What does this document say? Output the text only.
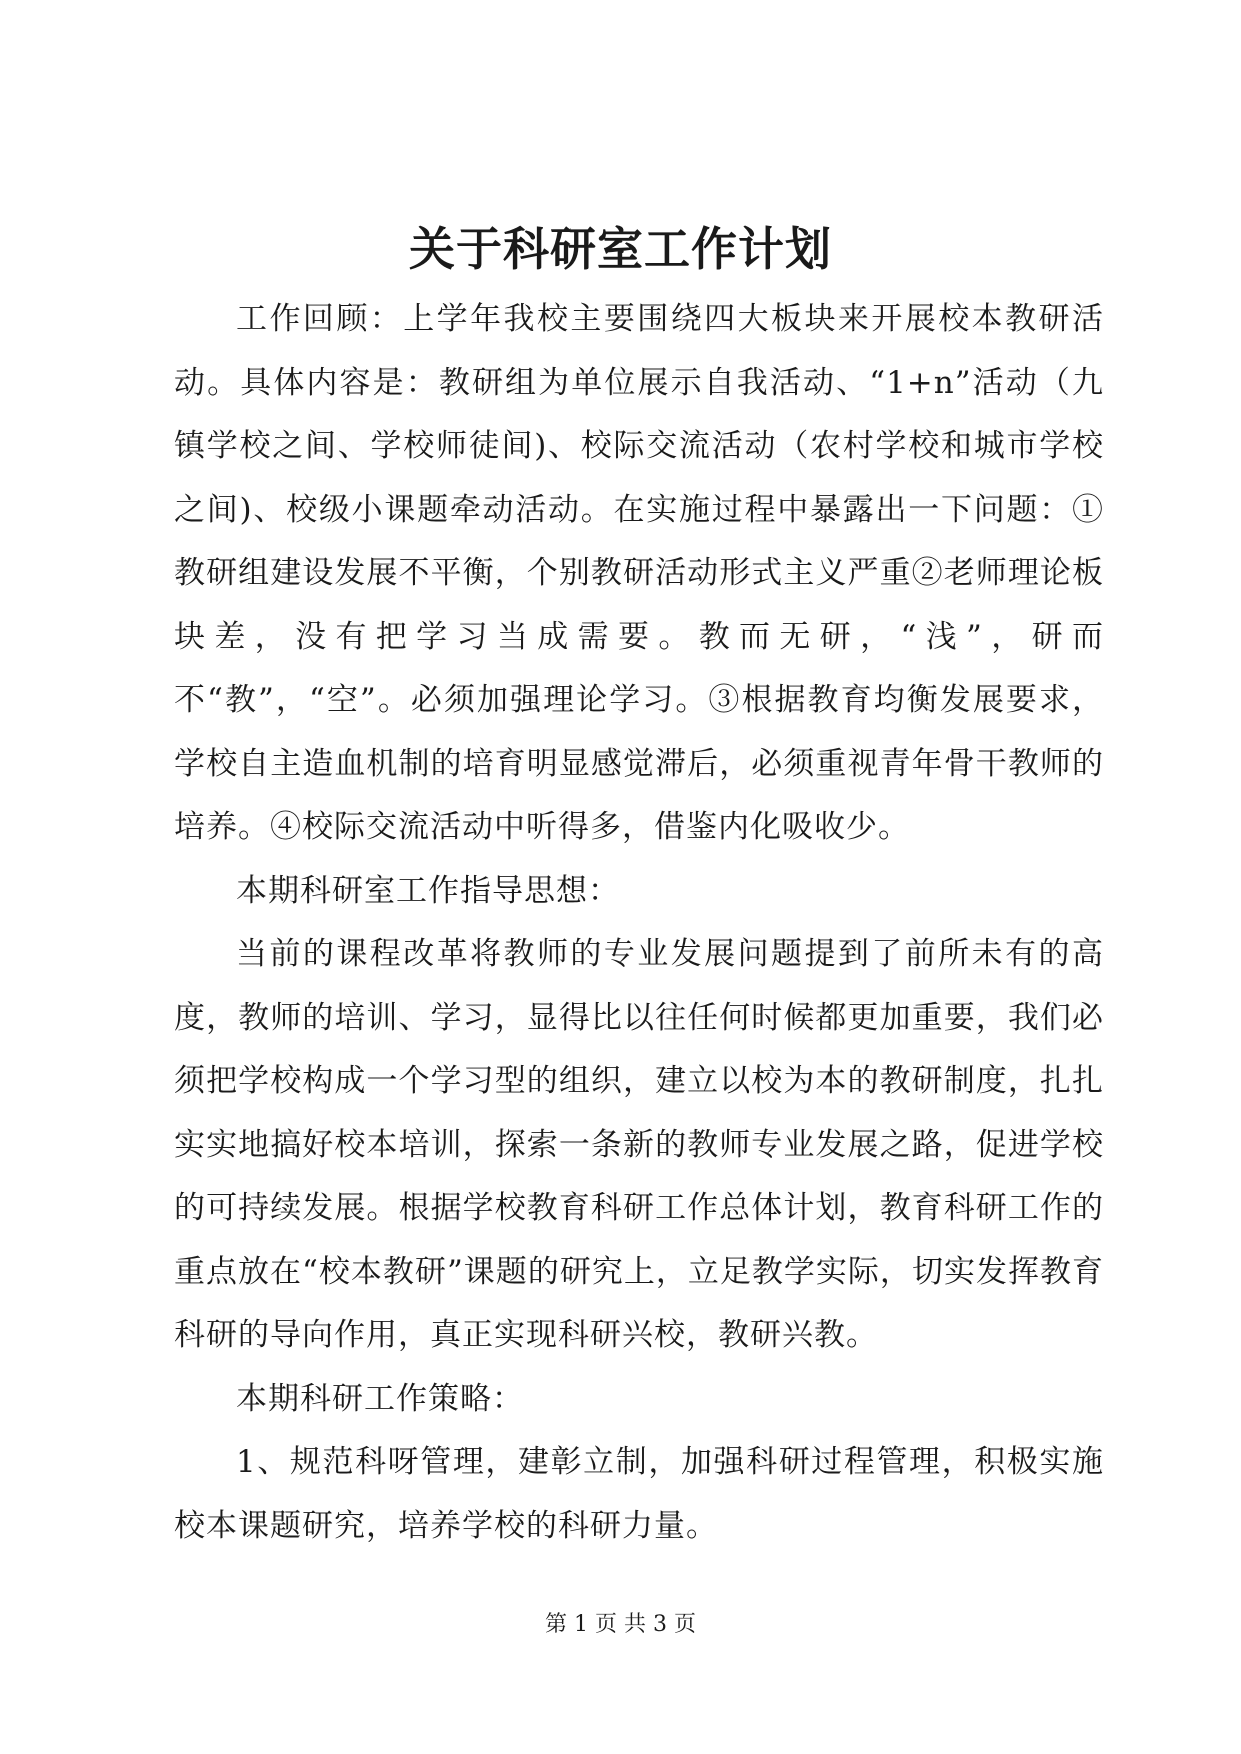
关于科研室工作计划

工作回顾：上学年我校主要围绕四大板块来开展校本教研活动。具体内容是：教研组为单位展示自我活动、“1+n”活动（九镇学校之间、学校师徒间)、校际交流活动（农村学校和城市学校之间)、校级小课题牵动活动。在实施过程中暴露出一下问题：①教研组建设发展不平衡，个别教研活动形式主义严重②老师理论板块差，没有把学习当成需要。教而无研，“浅”，研而不“教”，“空”。必须加强理论学习。③根据教育均衡发展要求，学校自主造血机制的培育明显感觉滞后，必须重视青年骨干教师的培养。④校际交流活动中听得多，借鉴内化吸收少。

本期科研室工作指导思想：

当前的课程改革将教师的专业发展问题提到了前所未有的高度，教师的培训、学习，显得比以往任何时候都更加重要，我们必须把学校构成一个学习型的组织，建立以校为本的教研制度，扎扎实实地搞好校本培训，探索一条新的教师专业发展之路，促进学校的可持续发展。根据学校教育科研工作总体计划，教育科研工作的重点放在“校本教研”课题的研究上，立足教学实际，切实发挥教育科研的导向作用，真正实现科研兴校，教研兴教。

本期科研工作策略：

1、规范科呀管理，建彰立制，加强科研过程管理，积极实施校本课题研究，培养学校的科研力量。

第 1 页 共 3 页
